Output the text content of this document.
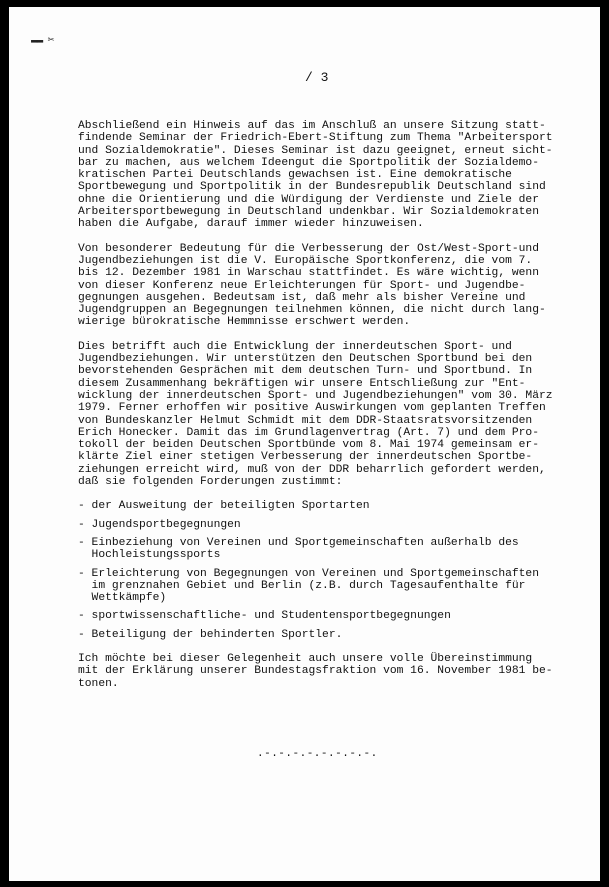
▬▬ ✂

/ 3

Abschließend ein Hinweis auf das im Anschluß an unsere Sitzung statt-
findende Seminar der Friedrich-Ebert-Stiftung zum Thema "Arbeitersport
und Sozialdemokratie". Dieses Seminar ist dazu geeignet, erneut sicht-
bar zu machen, aus welchem Ideengut die Sportpolitik der Sozialdemo-
kratischen Partei Deutschlands gewachsen ist. Eine demokratische
Sportbewegung und Sportpolitik in der Bundesrepublik Deutschland sind
ohne die Orientierung und die Würdigung der Verdienste und Ziele der
Arbeitersportbewegung in Deutschland undenkbar. Wir Sozialdemokraten
haben die Aufgabe, darauf immer wieder hinzuweisen.

Von besonderer Bedeutung für die Verbesserung der Ost/West-Sport-und
Jugendbeziehungen ist die V. Europäische Sportkonferenz, die vom 7.
bis 12. Dezember 1981 in Warschau stattfindet. Es wäre wichtig, wenn
von dieser Konferenz neue Erleichterungen für Sport- und Jugendbe-
gegnungen ausgehen. Bedeutsam ist, daß mehr als bisher Vereine und
Jugendgruppen an Begegnungen teilnehmen können, die nicht durch lang-
wierige bürokratische Hemmnisse erschwert werden.

Dies betrifft auch die Entwicklung der innerdeutschen Sport- und
Jugendbeziehungen. Wir unterstützen den Deutschen Sportbund bei den
bevorstehenden Gesprächen mit dem deutschen Turn- und Sportbund. In
diesem Zusammenhang bekräftigen wir unsere Entschließung zur "Ent-
wicklung der innerdeutschen Sport- und Jugendbeziehungen" vom 30. März
1979. Ferner erhoffen wir positive Auswirkungen vom geplanten Treffen
von Bundeskanzler Helmut Schmidt mit dem DDR-Staatsratsvorsitzenden
Erich Honecker. Damit das im Grundlagenvertrag (Art. 7) und dem Pro-
tokoll der beiden Deutschen Sportbünde vom 8. Mai 1974 gemeinsam er-
klärte Ziel einer stetigen Verbesserung der innerdeutschen Sportbe-
ziehungen erreicht wird, muß von der DDR beharrlich gefordert werden,
daß sie folgenden Forderungen zustimmt:

- der Ausweitung der beteiligten Sportarten
- Jugendsportbegegnungen
- Einbeziehung von Vereinen und Sportgemeinschaften außerhalb des
Hochleistungssports
- Erleichterung von Begegnungen von Vereinen und Sportgemeinschaften
im grenznahen Gebiet und Berlin (z.B. durch Tagesaufenthalte für
Wettkämpfe)
- sportwissenschaftliche- und Studentensportbegegnungen
- Beteiligung der behinderten Sportler.

Ich möchte bei dieser Gelegenheit auch unsere volle Übereinstimmung
mit der Erklärung unserer Bundestagsfraktion vom 16. November 1981 be-
tonen.

.-.-.-.-.-.-.-.-.
